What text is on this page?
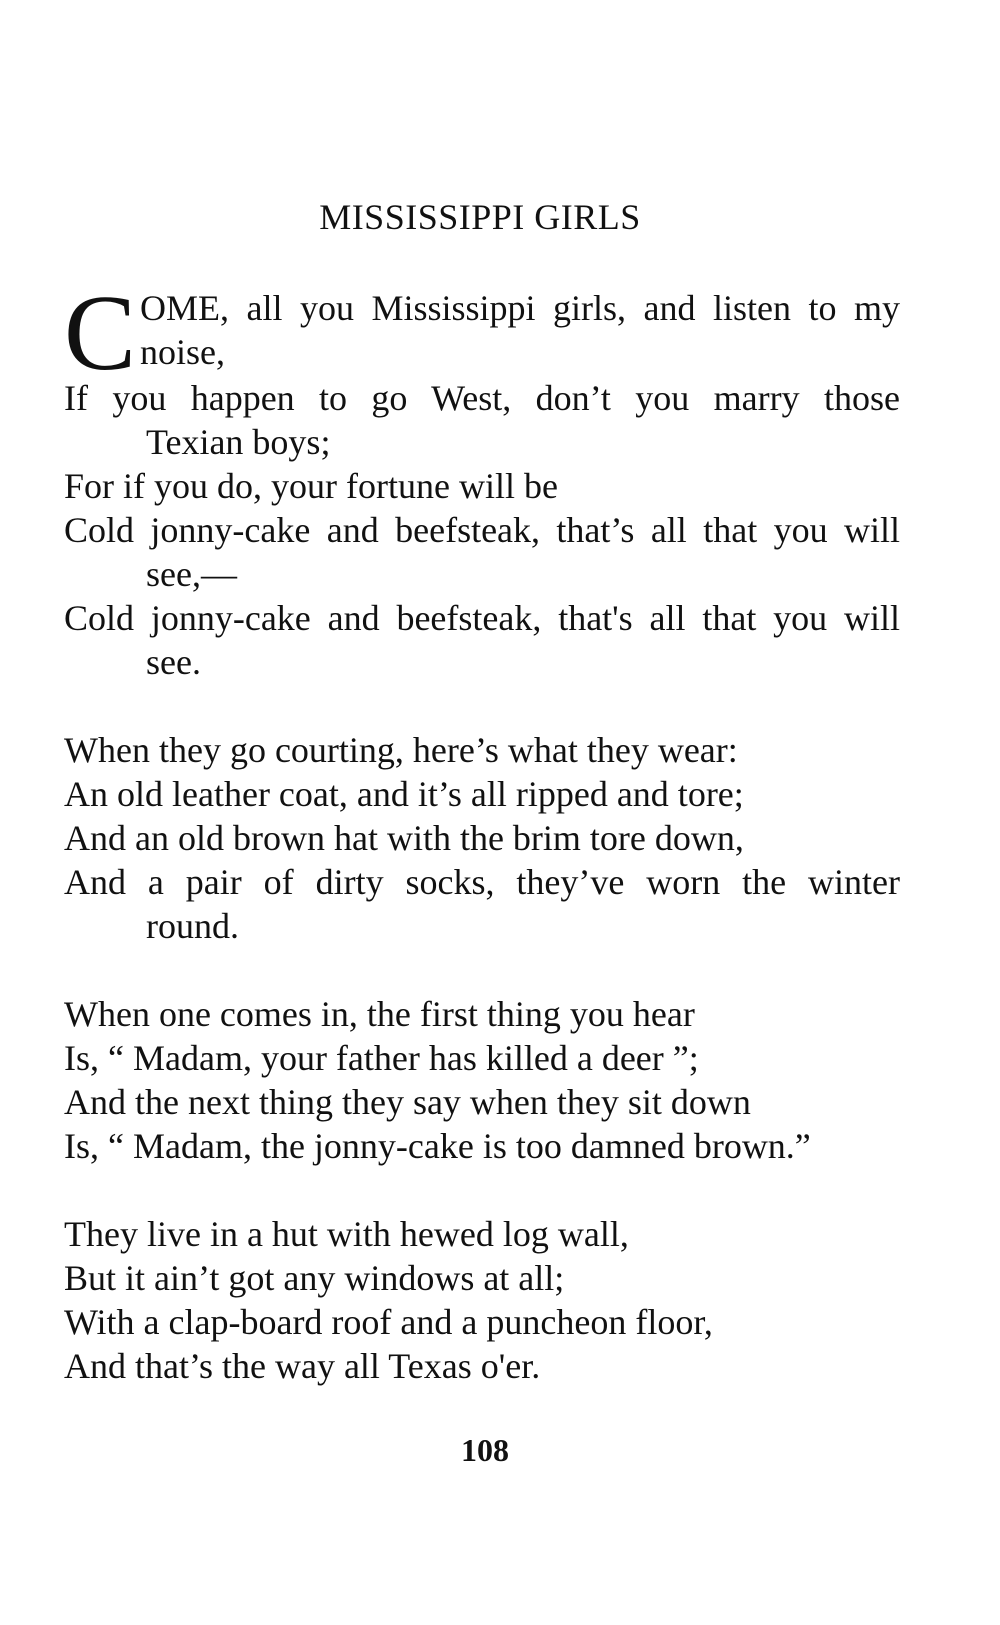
MISSISSIPPI GIRLS
C OME, all you Mississippi girls, and listen to my

noise,

If you happen to go West, don’t you marry those

Texian boys;

For if you do, your fortune will be

Cold jonny-cake and beefsteak, that’s all that you will

see,—

Cold jonny-cake and beefsteak, that's all that you will

see.

When they go courting, here’s what they wear:

An old leather coat, and it’s all ripped and tore;

And an old brown hat with the brim tore down,

And a pair of dirty socks, they’ve worn the winter

round.

When one comes in, the first thing you hear

Is, “ Madam, your father has killed a deer ”;

And the next thing they say when they sit down

Is, “ Madam, the jonny-cake is too damned brown.”

They live in a hut with hewed log wall,

But it ain’t got any windows at all;

With a clap-board roof and a puncheon floor,

And that’s the way all Texas o'er.

108
